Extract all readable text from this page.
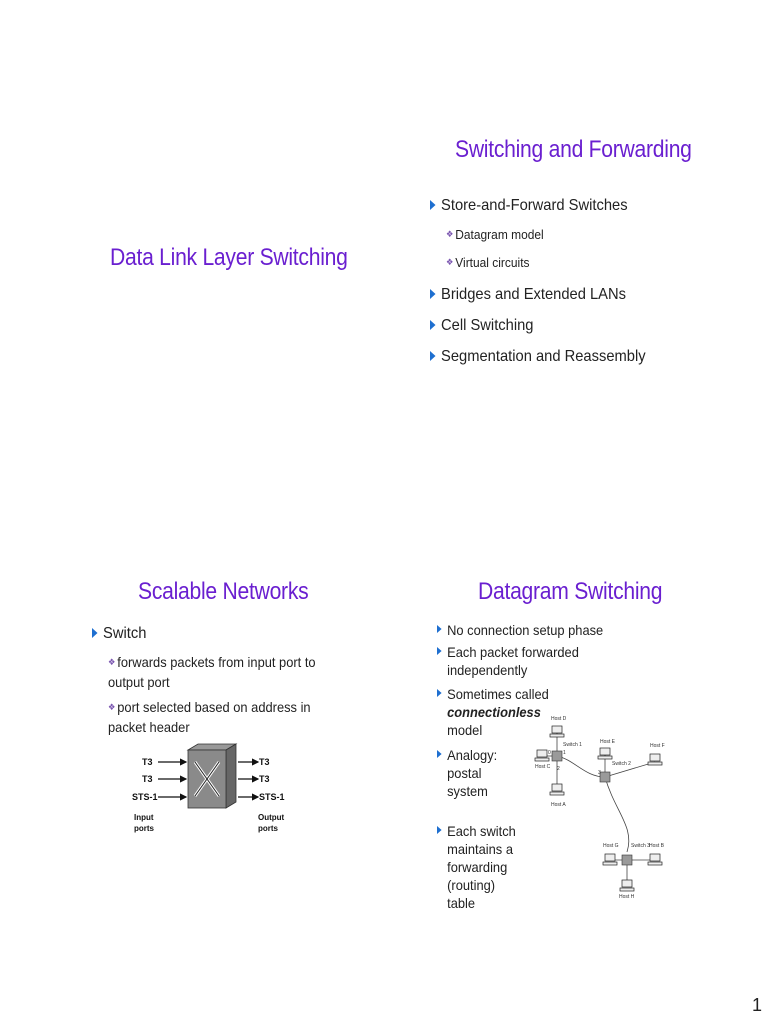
Data Link Layer Switching
Switching and Forwarding
Store-and-Forward Switches
❖ Datagram model
❖ Virtual circuits
Bridges and Extended LANs
Cell Switching
Segmentation and Reassembly
Scalable Networks
Switch
❖ forwards packets from input port to output port
❖ port selected based on address in packet header
T3
T3
STS-1
T3
T3
STS-1
Input ports
Output ports
Datagram Switching
No connection setup phase
Each packet forwarded independently
Sometimes called connectionless
model
Analogy: postal system
Each switch maintains a forwarding (routing) table
Host D
Host C
Host A
Host E
Host F
Host G	Host B
Host H
Switch 1
Switch 2
Switch 3
0 1
2
3
1
